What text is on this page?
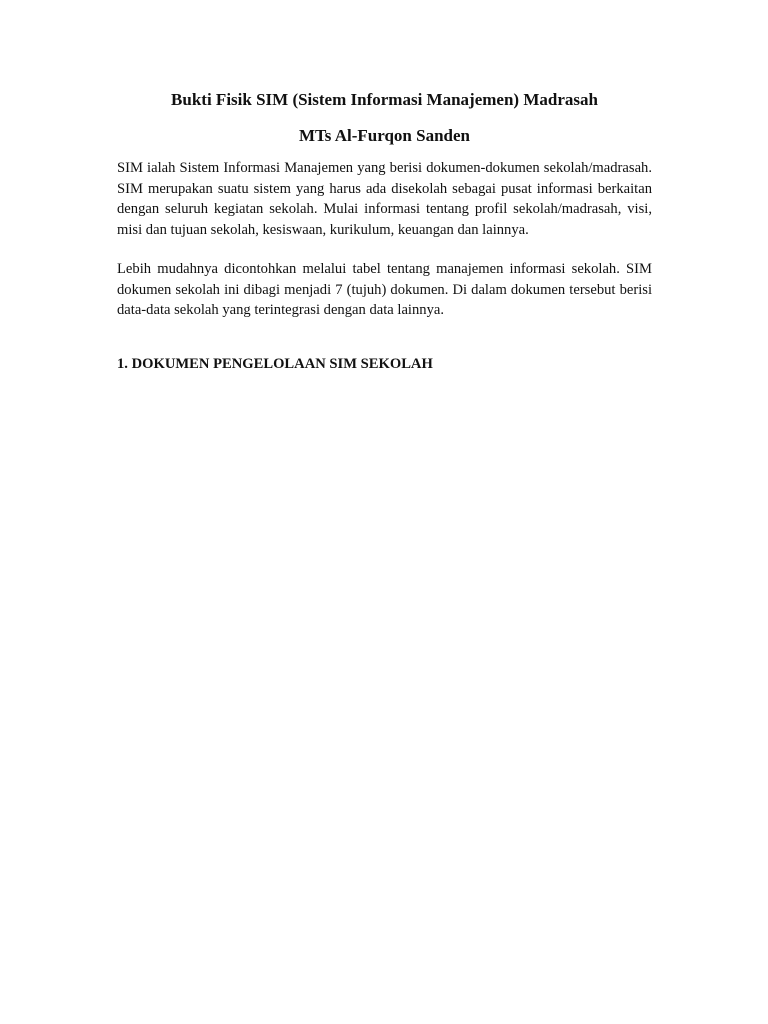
Bukti Fisik SIM (Sistem Informasi Manajemen) Madrasah
MTs Al-Furqon Sanden

SIM ialah Sistem Informasi Manajemen yang berisi dokumen-dokumen sekolah/madrasah. SIM merupakan suatu sistem yang harus ada disekolah sebagai pusat informasi berkaitan dengan seluruh kegiatan sekolah. Mulai informasi tentang profil sekolah/madrasah, visi, misi dan tujuan sekolah, kesiswaan, kurikulum, keuangan dan lainnya.

Lebih mudahnya dicontohkan melalui tabel tentang manajemen informasi sekolah. SIM dokumen sekolah ini dibagi menjadi 7 (tujuh) dokumen. Di dalam dokumen tersebut berisi data-data sekolah yang terintegrasi dengan data lainnya.

1. DOKUMEN PENGELOLAAN SIM SEKOLAH
